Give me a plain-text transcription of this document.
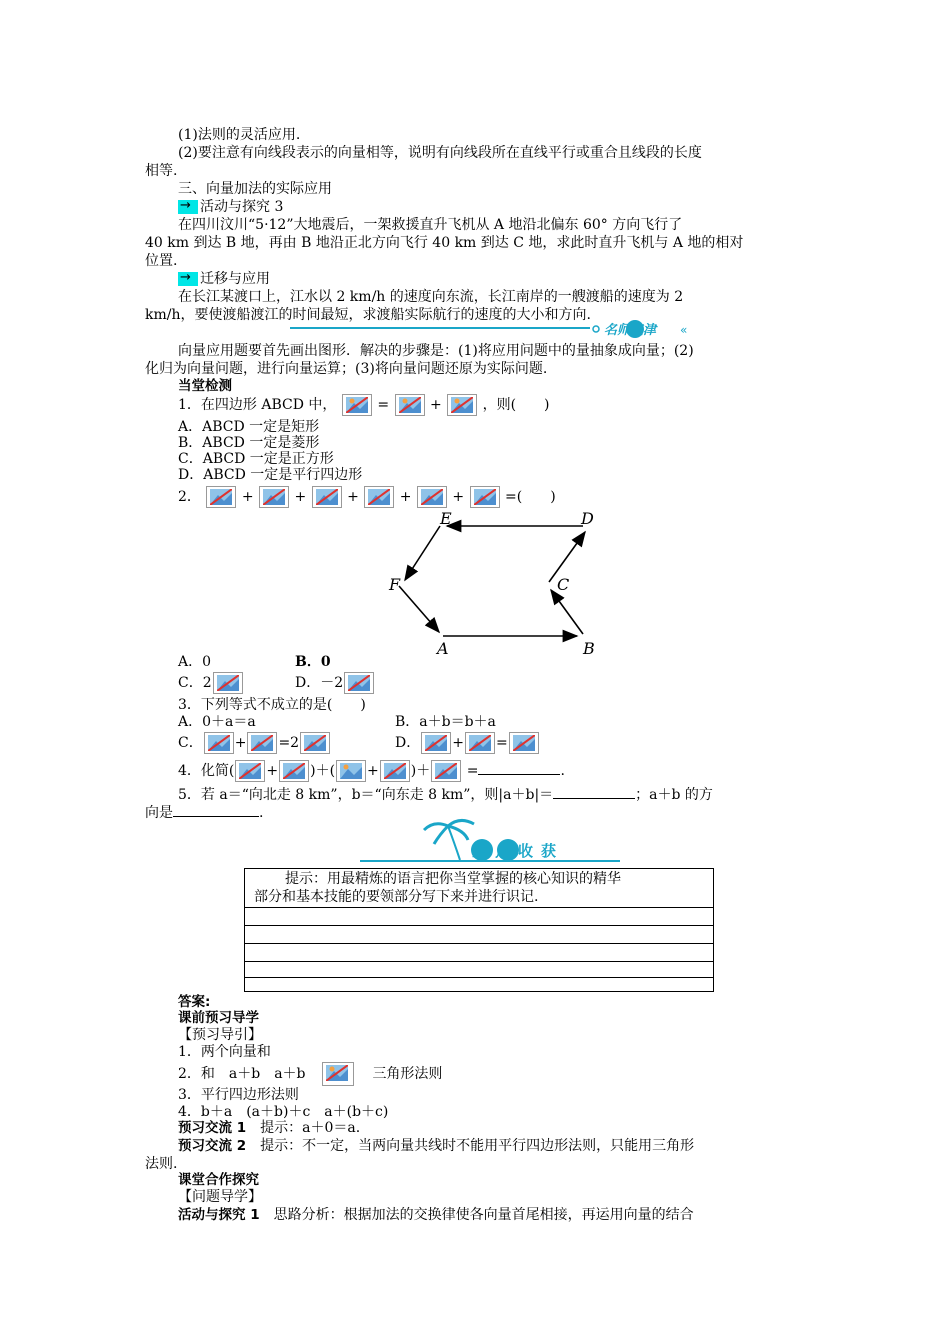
(1)法则的灵活应用.
(2)要注意有向线段表示的向量相等，说明有向线段所在直线平行或重合且线段的长度
相等.
三、向量加法的实际应用
→活动与探究 3
在四川汶川“5·12”大地震后，一架救援直升飞机从 A 地沿北偏东 60° 方向飞行了
40 km 到达 B 地，再由 B 地沿正北方向飞行 40 km 到达 C 地，求此时直升飞机与 A 地的相对
位置.
→迁移与应用
在长江某渡口上，江水以 2 km/h 的速度向东流，长江南岸的一艘渡船的速度为 2
km/h，要使渡船渡江的时间最短，求渡船实际航行的速度的大小和方向.
名师点津 «
向量应用题要首先画出图形．解决的步骤是：(1)将应用问题中的量抽象成向量；(2)
化归为向量问题，进行向量运算；(3)将向量问题还原为实际问题.
当堂检测
1．在四边形 ABCD 中，	=	+	，则(　　)
A．ABCD 一定是矩形
B．ABCD 一定是菱形
C．ABCD 一定是正方形
D．ABCD 一定是平行四边形
2．	+	+	+	+	+	=(　　)
E	D
F	C
A	B
A．0	B．0
C．2	D．－2
3．下列等式不成立的是(　　)
A．0＋a＝a	B．a＋b＝b＋a
C． + =2	D． + =
4．化简( + )＋( + )＋	=	.
5．若 a＝“向北走 8 km”，b＝“向东走 8 km”，则|a＋b|＝	；a＋b 的方
向是	.
盘点收获
提示：用最精炼的语言把你当堂掌握的核心知识的精华
部分和基本技能的要领部分写下来并进行识记.
答案:
课前预习导学
【预习导引】
1．两个向量和
2．和　a＋b　a＋b	三角形法则
3．平行四边形法则
4．b＋a　(a＋b)＋c　a＋(b＋c)
预习交流 1　 提示：a＋0＝a.
预习交流 2　 提示：不一定，当两向量共线时不能用平行四边形法则，只能用三角形
法则.
课堂合作探究
【问题导学】
活动与探究 1　 思路分析：根据加法的交换律使各向量首尾相接，再运用向量的结合
